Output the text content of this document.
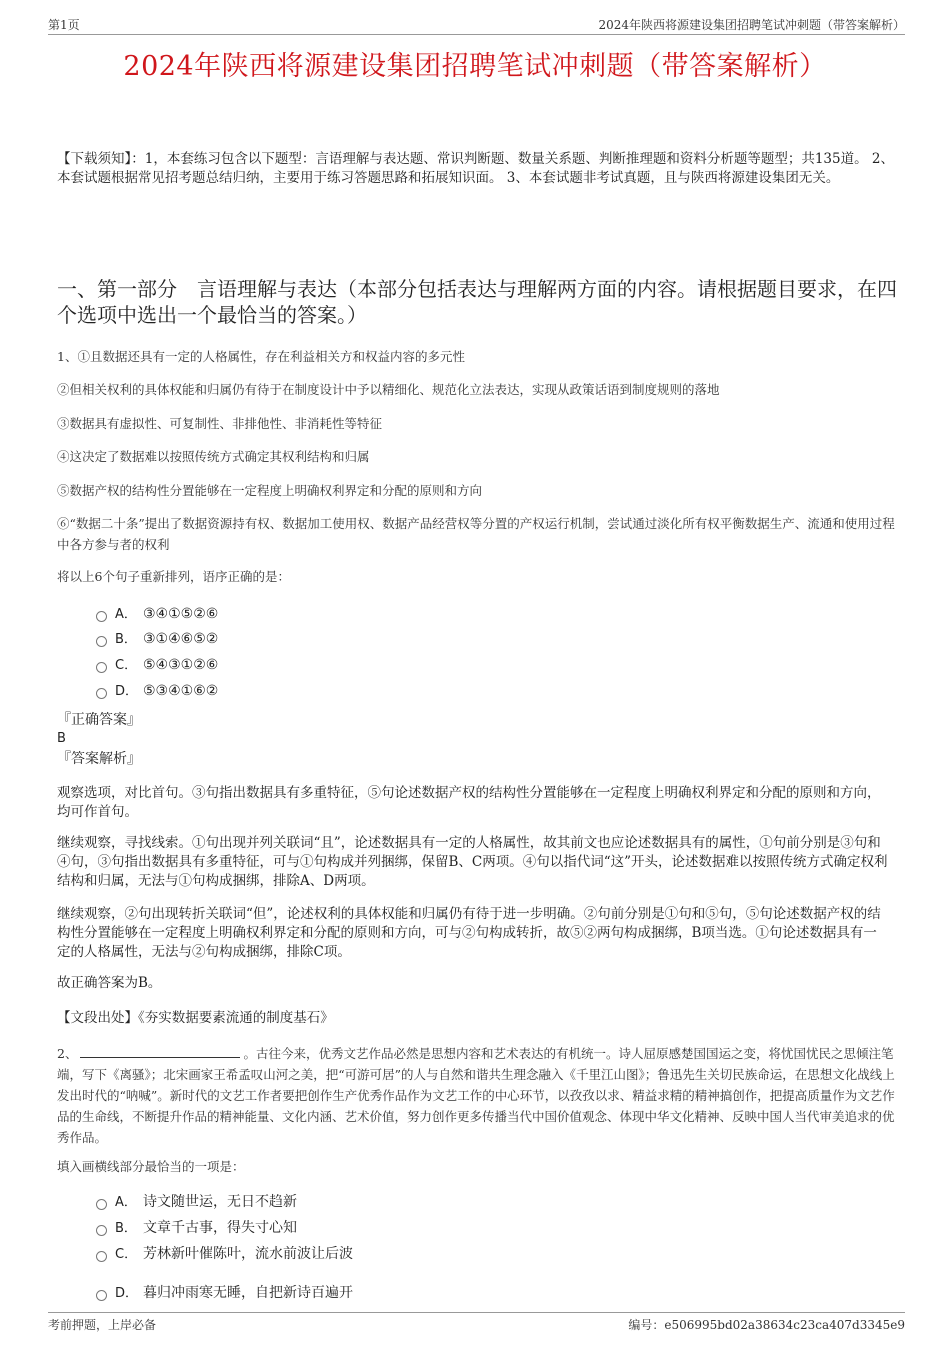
第1页	2024年陕西将源建设集团招聘笔试冲刺题（带答案解析）
2024年陕西将源建设集团招聘笔试冲刺题（带答案解析）
【下载须知】：1，本套练习包含以下题型：言语理解与表达题、常识判断题、数量关系题、判断推理题和资料分析题等题型；共135道。 2、本套试题根据常见招考题总结归纳，主要用于练习答题思路和拓展知识面。 3、本套试题非考试真题，且与陕西将源建设集团无关。
一、第一部分　言语理解与表达（本部分包括表达与理解两方面的内容。请根据题目要求，在四个选项中选出一个最恰当的答案。）
1、①且数据还具有一定的人格属性，存在利益相关方和权益内容的多元性
②但相关权利的具体权能和归属仍有待于在制度设计中予以精细化、规范化立法表达，实现从政策话语到制度规则的落地
③数据具有虚拟性、可复制性、非排他性、非消耗性等特征
④这决定了数据难以按照传统方式确定其权利结构和归属
⑤数据产权的结构性分置能够在一定程度上明确权利界定和分配的原则和方向
⑥“数据二十条”提出了数据资源持有权、数据加工使用权、数据产品经营权等分置的产权运行机制，尝试通过淡化所有权平衡数据生产、流通和使用过程中各方参与者的权利
将以上6个句子重新排列，语序正确的是：
A． ③④①⑤②⑥
B． ③①④⑥⑤②
C． ⑤④③①②⑥
D． ⑤③④①⑥②
『正确答案』
B
『答案解析』
观察选项，对比首句。③句指出数据具有多重特征，⑤句论述数据产权的结构性分置能够在一定程度上明确权利界定和分配的原则和方向，均可作首句。
继续观察，寻找线索。①句出现并列关联词“且”，论述数据具有一定的人格属性，故其前文也应论述数据具有的属性，①句前分别是③句和④句，③句指出数据具有多重特征，可与①句构成并列捆绑，保留B、C两项。④句以指代词“这”开头，论述数据难以按照传统方式确定权利结构和归属，无法与①句构成捆绑，排除A、D两项。
继续观察，②句出现转折关联词“但”，论述权利的具体权能和归属仍有待于进一步明确。②句前分别是①句和⑤句，⑤句论述数据产权的结构性分置能够在一定程度上明确权利界定和分配的原则和方向，可与②句构成转折，故⑤②两句构成捆绑，B项当选。①句论述数据具有一定的人格属性，无法与②句构成捆绑，排除C项。
故正确答案为B。
【文段出处】《夯实数据要素流通的制度基石》
2、	。古往今来，优秀文艺作品必然是思想内容和艺术表达的有机统一。诗人屈原感楚国国运之变，将忧国忧民之思倾注笔端，写下《离骚》；北宋画家王希孟叹山河之美，把“可游可居”的人与自然和谐共生理念融入《千里江山图》；鲁迅先生关切民族命运，在思想文化战线上发出时代的“呐喊”。新时代的文艺工作者要把创作生产优秀作品作为文艺工作的中心环节，以孜孜以求、精益求精的精神搞创作，把提高质量作为文艺作品的生命线，不断提升作品的精神能量、文化内涵、艺术价值，努力创作更多传播当代中国价值观念、体现中华文化精神、反映中国人当代审美追求的优秀作品。
填入画横线部分最恰当的一项是：
A． 诗文随世运，无日不趋新
B． 文章千古事，得失寸心知
C． 芳林新叶催陈叶，流水前波让后波
D． 暮归冲雨寒无睡，自把新诗百遍开
考前押题，上岸必备	编号：e506995bd02a38634c23ca407d3345e9
